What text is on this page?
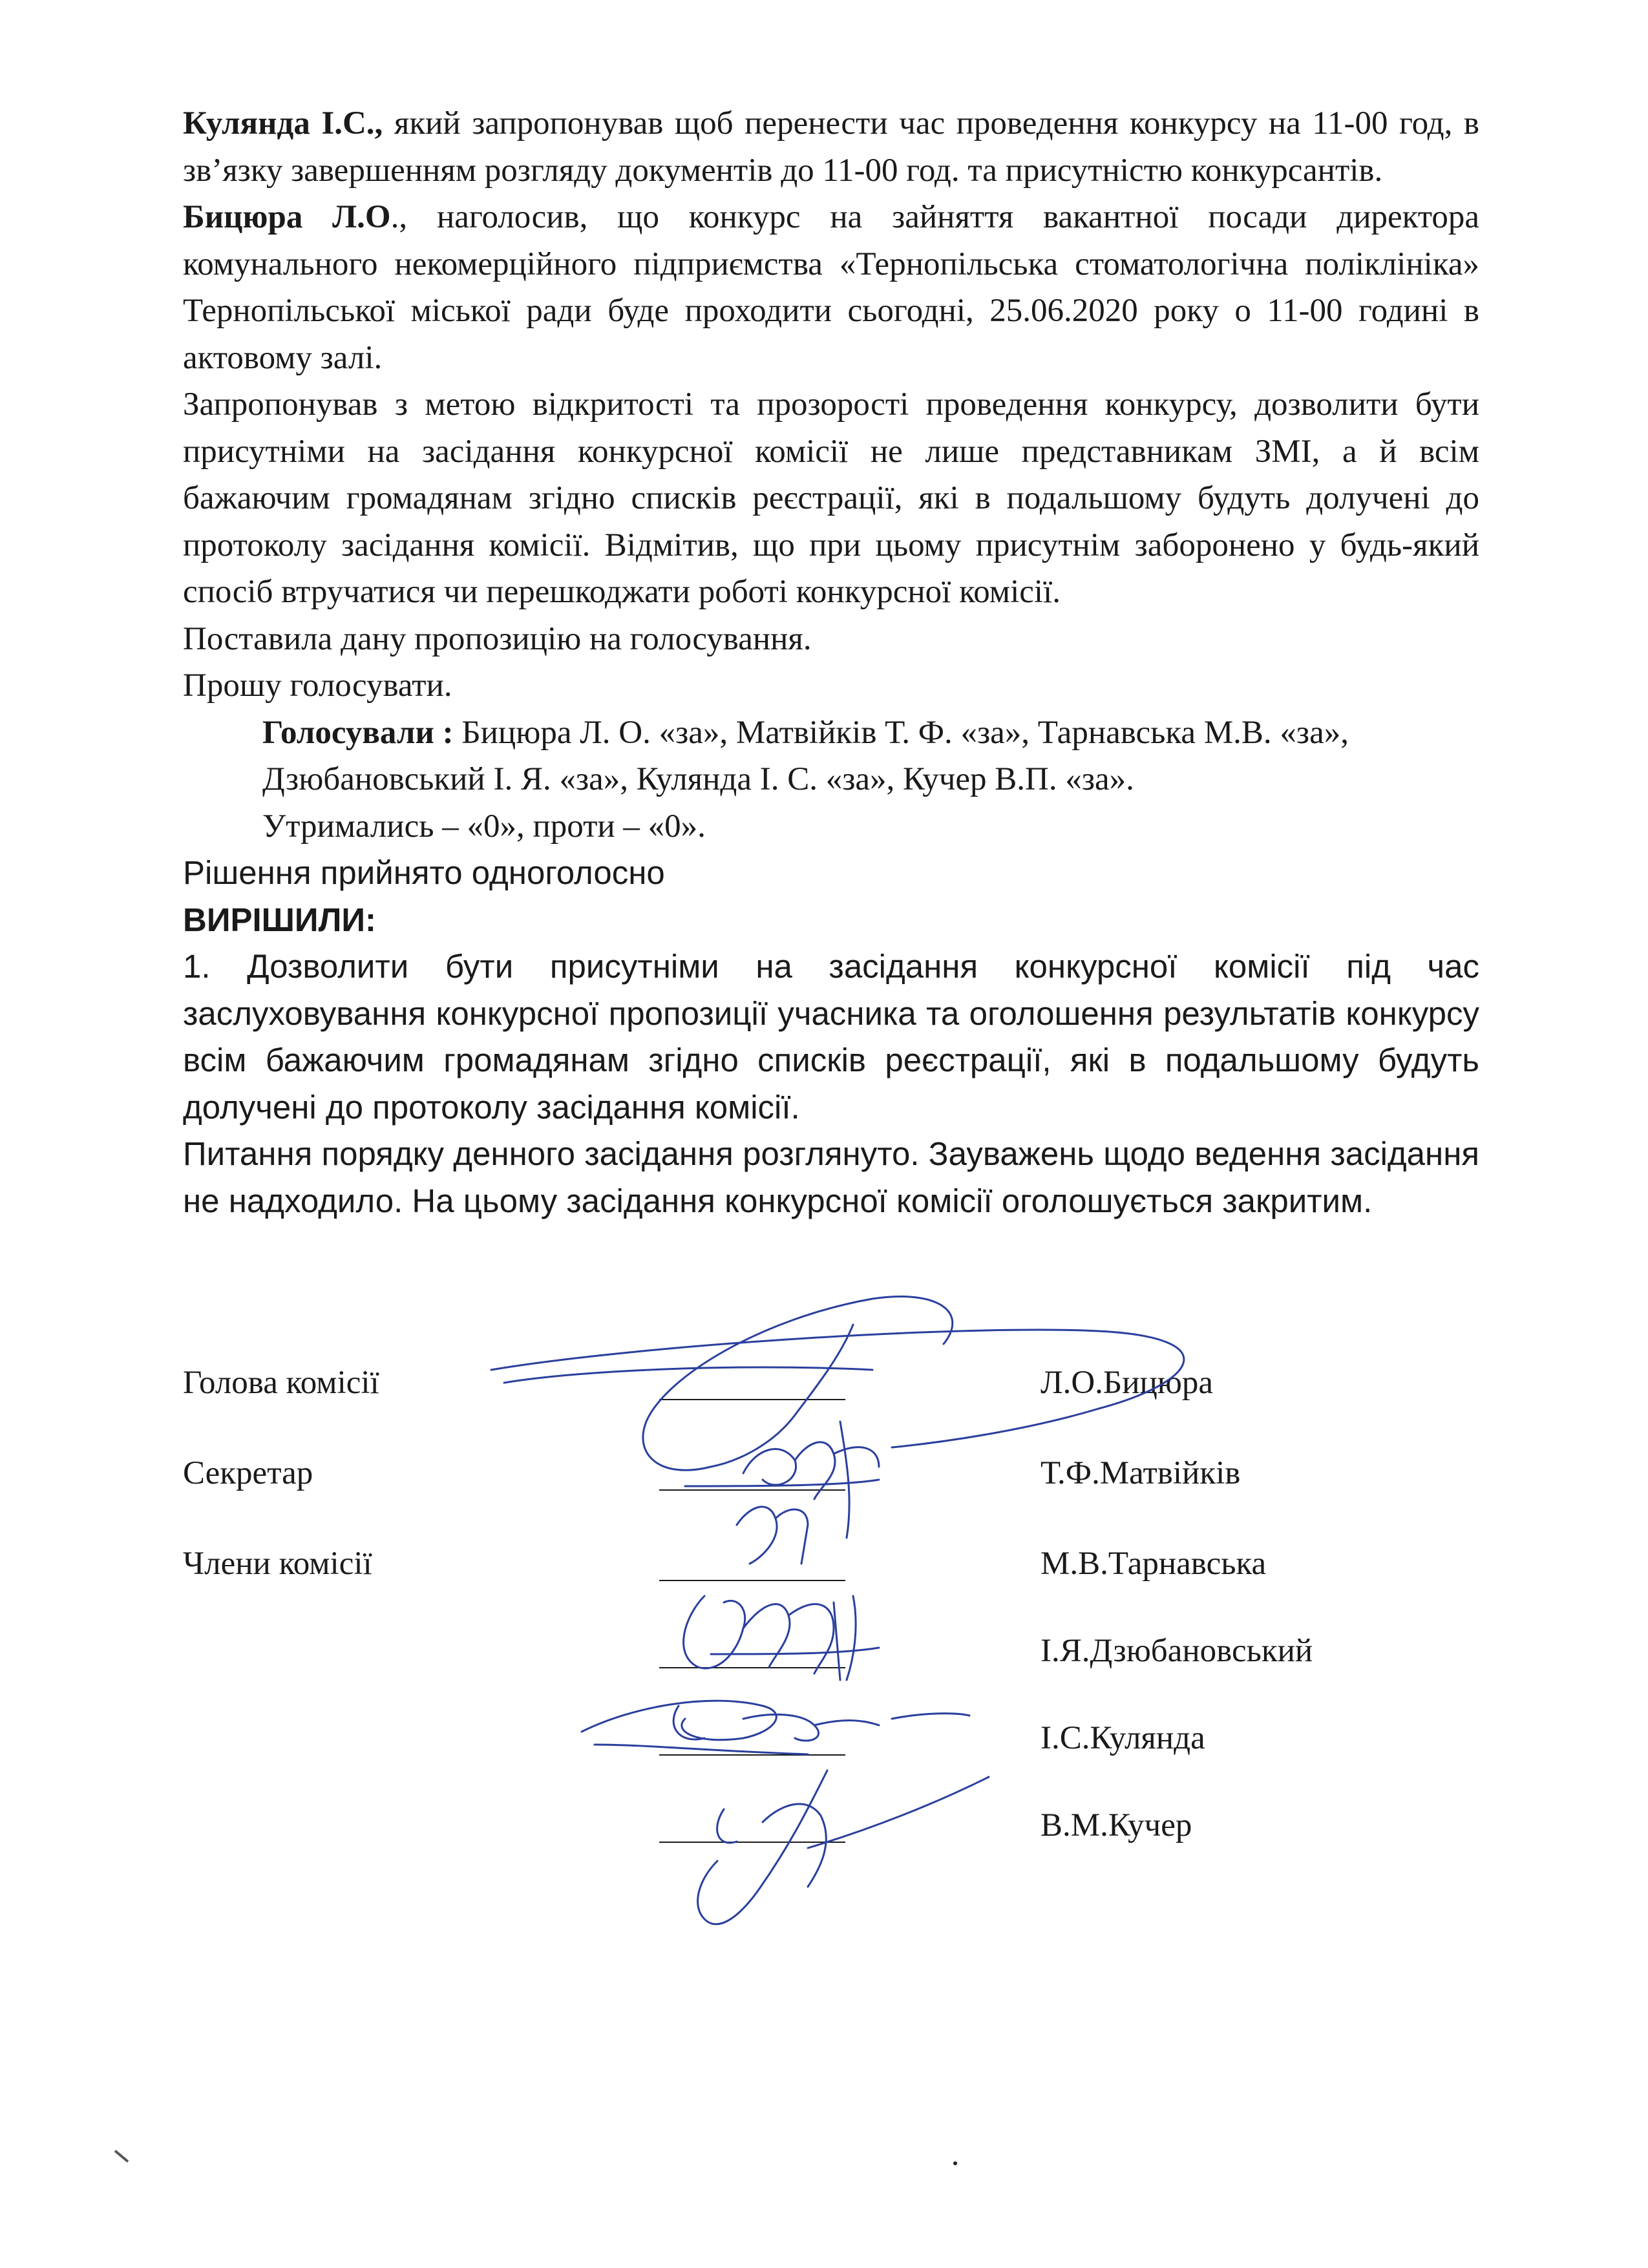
Кулянда І.С., який запропонував щоб перенести час проведення конкурсу на 11-00 год, в зв’язку завершенням розгляду документів до 11-00 год. та присутністю конкурсантів.

Бицюра Л.О., наголосив, що конкурс на зайняття вакантної посади директора комунального некомерційного підприємства «Тернопільська стоматологічна поліклініка» Тернопільської міської ради буде проходити сьогодні, 25.06.2020 року о 11-00 годині в актовому залі.

Запропонував з метою відкритості та прозорості проведення конкурсу, дозволити бути присутніми на засідання конкурсної комісії не лише представникам ЗМІ, а й всім бажаючим громадянам згідно списків реєстрації, які в подальшому будуть долучені до протоколу засідання комісії. Відмітив, що при цьому присутнім заборонено у будь-який спосіб втручатися чи перешкоджати роботі конкурсної комісії.

Поставила дану пропозицію на голосування.

Прошу голосувати.

Голосували : Бицюра Л. О. «за», Матвійків Т. Ф. «за», Тарнавська М.В. «за», Дзюбановський І. Я. «за», Кулянда І. С. «за», Кучер В.П. «за».

Утримались – «0», проти – «0».

Рішення прийнято одноголосно

ВИРІШИЛИ:

1. Дозволити бути присутніми на засідання конкурсної комісії під час заслуховування конкурсної пропозиції учасника та оголошення результатів конкурсу всім бажаючим громадянам згідно списків реєстрації, які в подальшому будуть долучені до протоколу засідання комісії.

Питання порядку денного засідання розглянуто. Зауважень щодо ведення засідання не надходило. На цьому засідання конкурсної комісії оголошується закритим.

Голова комісії
Секретар
Члени комісії
Л.О.Бицюра
Т.Ф.Матвійків
М.В.Тарнавська
І.Я.Дзюбановський
І.С.Кулянда
В.М.Кучер
